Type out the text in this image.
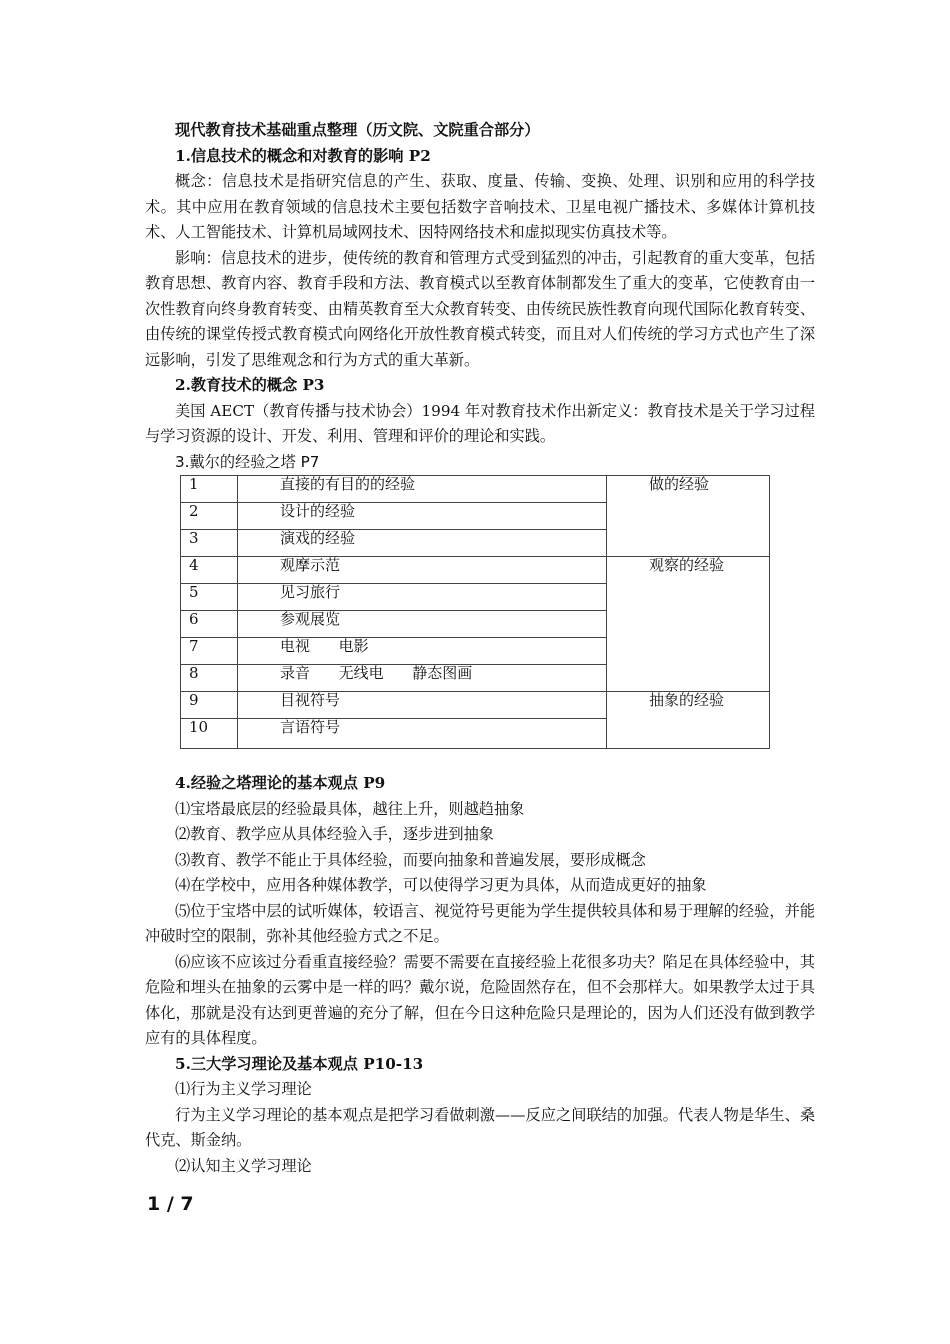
现代教育技术基础重点整理（历文院、文院重合部分）

1.信息技术的概念和对教育的影响 P2

概念：信息技术是指研究信息的产生、获取、度量、传输、变换、处理、识别和应用的科学技术。其中应用在教育领域的信息技术主要包括数字音响技术、卫星电视广播技术、多媒体计算机技术、人工智能技术、计算机局域网技术、因特网络技术和虚拟现实仿真技术等。

影响：信息技术的进步，使传统的教育和管理方式受到猛烈的冲击，引起教育的重大变革，包括教育思想、教育内容、教育手段和方法、教育模式以至教育体制都发生了重大的变革，它使教育由一次性教育向终身教育转变、由精英教育至大众教育转变、由传统民族性教育向现代国际化教育转变、由传统的课堂传授式教育模式向网络化开放性教育模式转变，而且对人们传统的学习方式也产生了深远影响，引发了思维观念和行为方式的重大革新。

2.教育技术的概念 P3

美国 AECT（教育传播与技术协会）1994 年对教育技术作出新定义：教育技术是关于学习过程与学习资源的设计、开发、利用、管理和评价的理论和实践。

3.戴尔的经验之塔 P7

1	直接的有目的的经验	做的经验
2	设计的经验	
3	演戏的经验	
4	观摩示范	观察的经验
5	见习旅行	
6	参观展览	
7	电视      电影	
8	录音      无线电      静态图画	
9	目视符号	抽象的经验
10	言语符号	

4.经验之塔理论的基本观点 P9

⑴宝塔最底层的经验最具体，越往上升，则越趋抽象

⑵教育、教学应从具体经验入手，逐步进到抽象

⑶教育、教学不能止于具体经验，而要向抽象和普遍发展，要形成概念

⑷在学校中，应用各种媒体教学，可以使得学习更为具体，从而造成更好的抽象

⑸位于宝塔中层的试听媒体，较语言、视觉符号更能为学生提供较具体和易于理解的经验，并能冲破时空的限制，弥补其他经验方式之不足。

⑹应该不应该过分看重直接经验？需要不需要在直接经验上花很多功夫？陷足在具体经验中，其危险和埋头在抽象的云雾中是一样的吗？戴尔说，危险固然存在，但不会那样大。如果教学太过于具体化，那就是没有达到更普遍的充分了解，但在今日这种危险只是理论的，因为人们还没有做到教学应有的具体程度。

5.三大学习理论及基本观点 P10-13

⑴行为主义学习理论

行为主义学习理论的基本观点是把学习看做刺激——反应之间联结的加强。代表人物是华生、桑代克、斯金纳。

⑵认知主义学习理论

1 / 7
